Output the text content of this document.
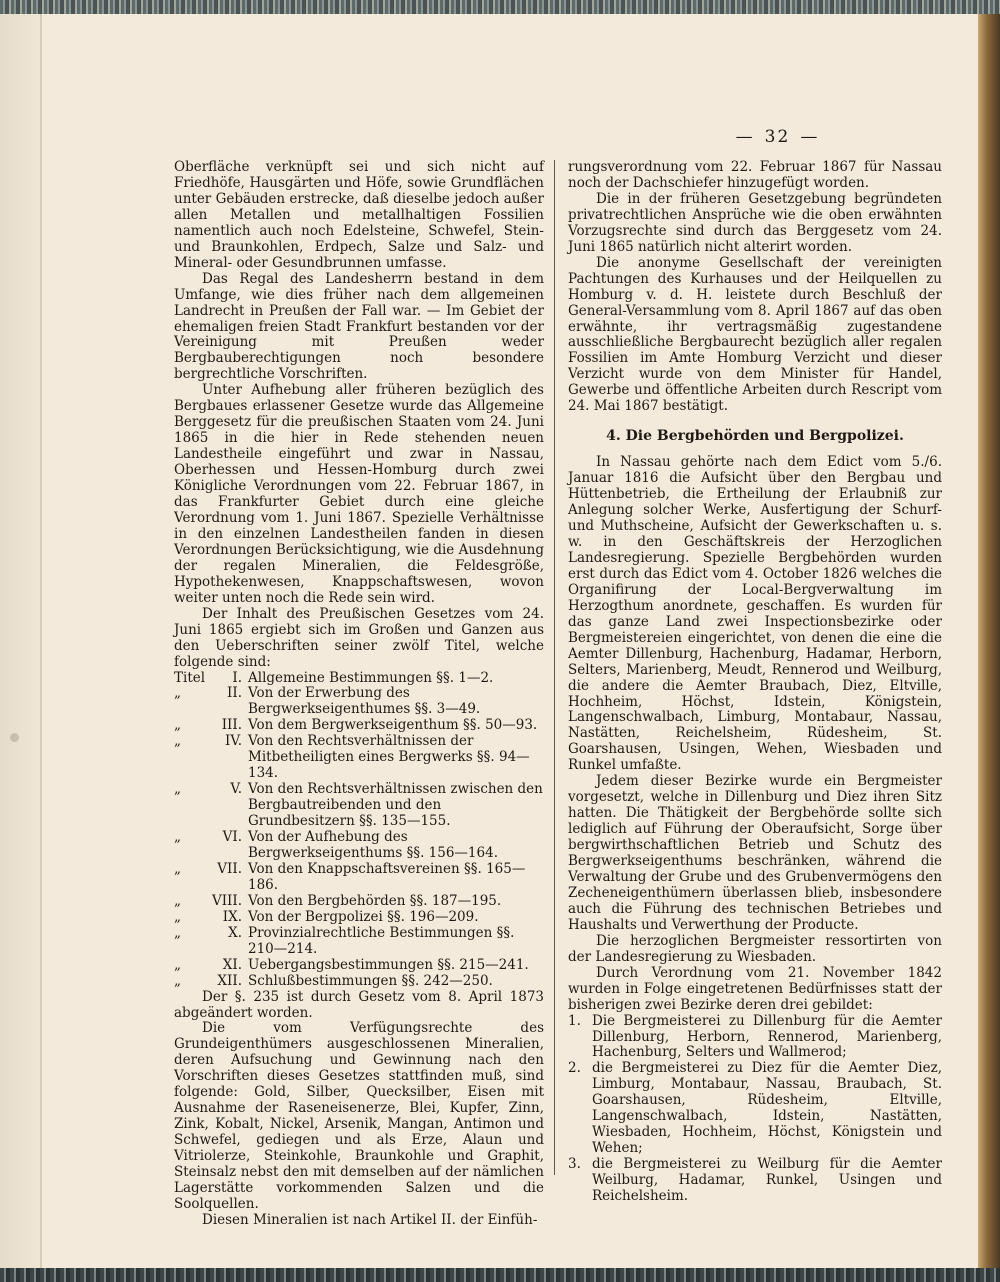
— 32 —

Oberfläche verknüpft sei und sich nicht auf Friedhöfe, Hausgärten und Höfe, sowie Grundflächen unter Gebäuden erstrecke, daß dieselbe jedoch außer allen Metallen und metallhaltigen Fossilien namentlich auch noch Edelsteine, Schwefel, Stein- und Braunkohlen, Erdpech, Salze und Salz- und Mineral- oder Gesundbrunnen umfasse.

Das Regal des Landesherrn bestand in dem Umfange, wie dies früher nach dem allgemeinen Landrecht in Preußen der Fall war. — Im Gebiet der ehemaligen freien Stadt Frankfurt bestanden vor der Vereinigung mit Preußen weder Bergbauberechtigungen noch besondere bergrechtliche Vorschriften.

Unter Aufhebung aller früheren bezüglich des Bergbaues erlassener Gesetze wurde das Allgemeine Berggesetz für die preußischen Staaten vom 24. Juni 1865 in die hier in Rede stehenden neuen Landestheile eingeführt und zwar in Nassau, Oberhessen und Hessen-Homburg durch zwei Königliche Verordnungen vom 22. Februar 1867, in das Frankfurter Gebiet durch eine gleiche Verordnung vom 1. Juni 1867. Spezielle Verhältnisse in den einzelnen Landestheilen fanden in diesen Verordnungen Berücksichtigung, wie die Ausdehnung der regalen Mineralien, die Feldesgröße, Hypothekenwesen, Knappschaftswesen, wovon weiter unten noch die Rede sein wird.

Der Inhalt des Preußischen Gesetzes vom 24. Juni 1865 ergiebt sich im Großen und Ganzen aus den Ueberschriften seiner zwölf Titel, welche folgende sind:

Titel	I. Allgemeine Bestimmungen §§. 1—2.
„	II. Von der Erwerbung des Bergwerkseigenthumes §§. 3—49.
„	III. Von dem Bergwerkseigenthum §§. 50—93.
„	IV. Von den Rechtsverhältnissen der Mitbetheiligten eines Bergwerks §§. 94—134.
„	V. Von den Rechtsverhältnissen zwischen den Bergbautreibenden und den Grundbesitzern §§. 135—155.
„	VI. Von der Aufhebung des Bergwerkseigenthums §§. 156—164.
„	VII. Von den Knappschaftsvereinen §§. 165—186.
„	VIII. Von den Bergbehörden §§. 187—195.
„	IX. Von der Bergpolizei §§. 196—209.
„	X. Provinzialrechtliche Bestimmungen §§. 210—214.
„	XI. Uebergangsbestimmungen §§. 215—241.
„	XII. Schlußbestimmungen §§. 242—250.

Der §. 235 ist durch Gesetz vom 8. April 1873 abgeändert worden.

Die vom Verfügungsrechte des Grundeigenthümers ausgeschlossenen Mineralien, deren Aufsuchung und Gewinnung nach den Vorschriften dieses Gesetzes stattfinden muß, sind folgende: Gold, Silber, Quecksilber, Eisen mit Ausnahme der Raseneisenerze, Blei, Kupfer, Zinn, Zink, Kobalt, Nickel, Arsenik, Mangan, Antimon und Schwefel, gediegen und als Erze, Alaun und Vitriolerze, Steinkohle, Braunkohle und Graphit, Steinsalz nebst den mit demselben auf der nämlichen Lagerstätte vorkommenden Salzen und die Soolquellen.

Diesen Mineralien ist nach Artikel II. der Einfüh-

rungsverordnung vom 22. Februar 1867 für Nassau noch der Dachschiefer hinzugefügt worden.

Die in der früheren Gesetzgebung begründeten privatrechtlichen Ansprüche wie die oben erwähnten Vorzugsrechte sind durch das Berggesetz vom 24. Juni 1865 natürlich nicht alterirt worden.

Die anonyme Gesellschaft der vereinigten Pachtungen des Kurhauses und der Heilquellen zu Homburg v. d. H. leistete durch Beschluß der General-Versammlung vom 8. April 1867 auf das oben erwähnte, ihr vertragsmäßig zugestandene ausschließliche Bergbaurecht bezüglich aller regalen Fossilien im Amte Homburg Verzicht und dieser Verzicht wurde von dem Minister für Handel, Gewerbe und öffentliche Arbeiten durch Rescript vom 24. Mai 1867 bestätigt.

4. Die Bergbehörden und Bergpolizei.

In Nassau gehörte nach dem Edict vom 5./6. Januar 1816 die Aufsicht über den Bergbau und Hüttenbetrieb, die Ertheilung der Erlaubniß zur Anlegung solcher Werke, Ausfertigung der Schurf- und Muthscheine, Aufsicht der Gewerkschaften u. s. w. in den Geschäftskreis der Herzoglichen Landesregierung. Spezielle Bergbehörden wurden erst durch das Edict vom 4. October 1826 welches die Organifirung der Local-Bergverwaltung im Herzogthum anordnete, geschaffen. Es wurden für das ganze Land zwei Inspectionsbezirke oder Bergmeistereien eingerichtet, von denen die eine die Aemter Dillenburg, Hachenburg, Hadamar, Herborn, Selters, Marienberg, Meudt, Rennerod und Weilburg, die andere die Aemter Braubach, Diez, Eltville, Hochheim, Höchst, Idstein, Königstein, Langenschwalbach, Limburg, Montabaur, Nassau, Nastätten, Reichelsheim, Rüdesheim, St. Goarshausen, Usingen, Wehen, Wiesbaden und Runkel umfaßte.

Jedem dieser Bezirke wurde ein Bergmeister vorgesetzt, welche in Dillenburg und Diez ihren Sitz hatten. Die Thätigkeit der Bergbehörde sollte sich lediglich auf Führung der Oberaufsicht, Sorge über bergwirthschaftlichen Betrieb und Schutz des Bergwerkseigenthums beschränken, während die Verwaltung der Grube und des Grubenvermögens den Zecheneigenthümern überlassen blieb, insbesondere auch die Führung des technischen Betriebes und Haushalts und Verwerthung der Producte.

Die herzoglichen Bergmeister ressortirten von der Landesregierung zu Wiesbaden.

Durch Verordnung vom 21. November 1842 wurden in Folge eingetretenen Bedürfnisses statt der bisherigen zwei Bezirke deren drei gebildet:

1. Die Bergmeisterei zu Dillenburg für die Aemter Dillenburg, Herborn, Rennerod, Marienberg, Hachenburg, Selters und Wallmerod;
2. die Bergmeisterei zu Diez für die Aemter Diez, Limburg, Montabaur, Nassau, Braubach, St. Goarshausen, Rüdesheim, Eltville, Langenschwalbach, Idstein, Nastätten, Wiesbaden, Hochheim, Höchst, Königstein und Wehen;
3. die Bergmeisterei zu Weilburg für die Aemter Weilburg, Hadamar, Runkel, Usingen und Reichelsheim.
